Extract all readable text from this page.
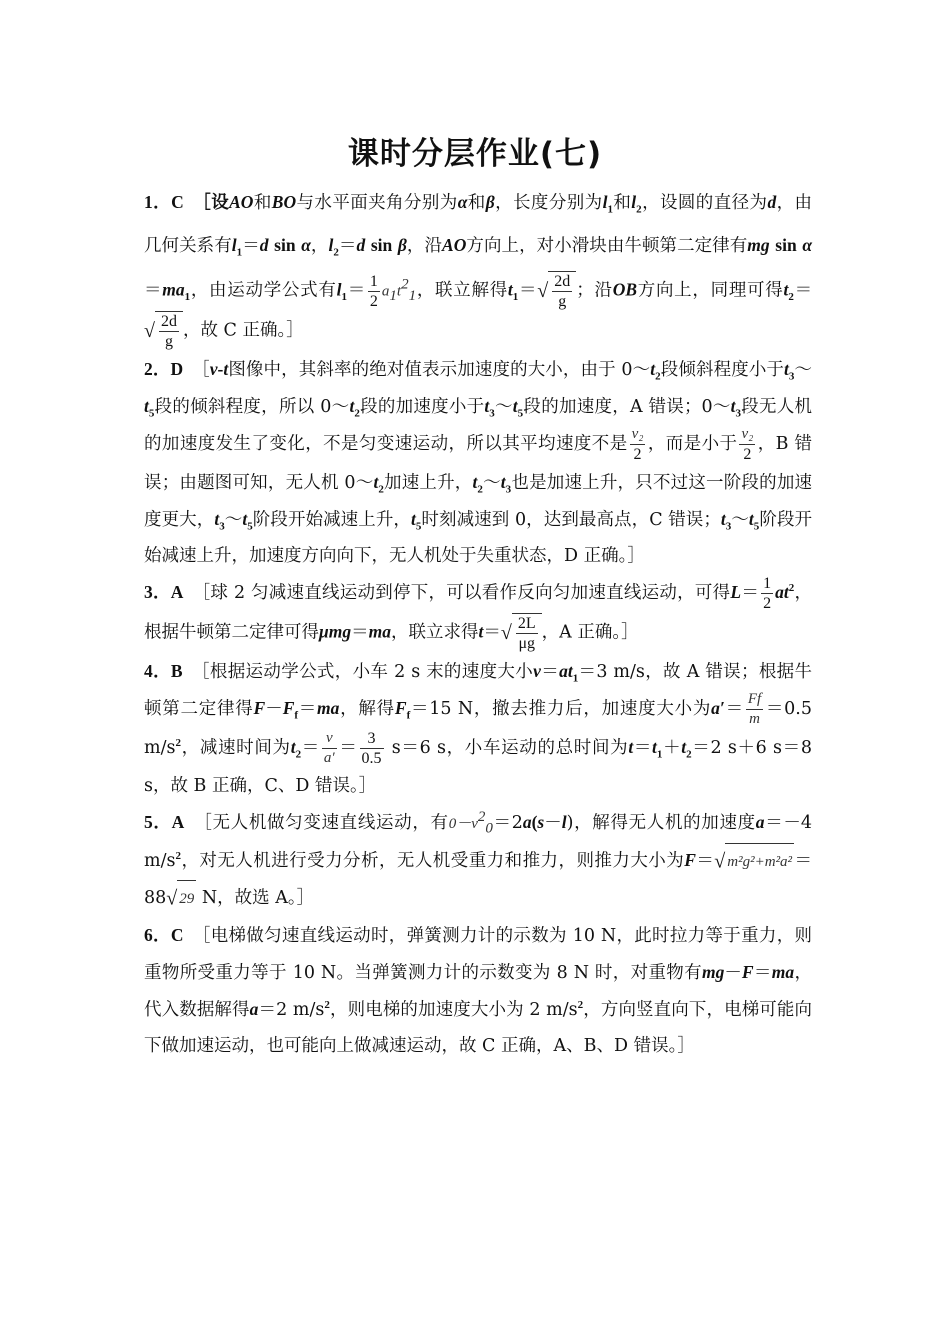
课时分层作业(七)

1．C　 ［设AO和BO与水平面夹角分别为α和β，长度分别为$l_1$和$l_2$，设圆的直径为d，由几何关系有$l_1=d$ sin α，$l_2=d$ sin β，沿AO方向上，对小滑块由牛顿第二定律有mg $\sin \alpha=ma_1$，由运动学公式有$l_1= \frac{1}{2} a_1t^2_1$，联立解得$t_1=√ \frac{2d}{g}$ ；沿OB方向上，同理可得$t_2=√ \frac{2d}{g}$ ，故 C 正确。］

2．D　 ［v-t图像中，其斜率的绝对值表示加速度的大小，由于 $0\sim t_2$段倾斜程度小于$t_3\sim t_5$段的倾斜程度，所以 $0\sim t_2$段的加速度小于$t_3\sim t_5$段的加速度，A 错误；$0\sim t_3$段无人机的加速度发生了变化，不是匀变速运动，所以其平均速度不是 $\frac{\text{v₂}}{2}$ ，而是小于 $\frac{\text{v₂}}{2}$ ，B 错误；由题图可知，无人机 $0\sim t_2$加速上升，$t_2\sim t_3$也是加速上升，只不过这一阶段的加速度更大，$t_3\sim t_5$阶段开始减速上升，$t_5$时刻减速到 0，达到最高点，C 错误；$t_3\sim t_5$阶段开始减速上升，加速度方向向下，无人机处于失重状态，D 正确。］

3．A　 ［球 2 匀减速直线运动到停下，可以看作反向匀加速直线运动，可得$L= \frac{1}{2} at^2$，根据牛顿第二定律可得μmg＝ma，联立求得$t=√ \frac{2L}{\mu g}$ ，A 正确。］

4．B　 ［根据运动学公式，小车 2 s 末的速度大小$v=at_1=3$ m/s，故 A 错误；根据牛顿第二定律得$F-F_f=ma$，解得$F_f=15$ N，撤去推力后，加速度大小为$a'= \frac{Ff}{m} =0.5$ $m/s^2$，减速时间为$t_2= \frac{v}{a'} = \frac{3}{0.5} s=6$ s，小车运动的总时间为$t=t_1+t_2=2$ s＋6 s＝8 s，故 B 正确，C、D 错误。］

5．A　 ［无人机做匀变速直线运动，有$0-v^2_0=2a(s-l)$，解得无人机的加速度a＝－4 $m/s^2$，对无人机进行受力分析，无人机受重力和推力，则推力大小为F＝√ m²g²+m²a² ＝88√ 29 N，故选 A。］

6．C　 ［电梯做匀速直线运动时，弹簧测力计的示数为 10 N，此时拉力等于重力，则重物所受重力等于 10 N。当弹簧测力计的示数变为 8 N 时，对重物有mg－F＝ma，代入数据解得a＝2 $m/s^2$，则电梯的加速度大小为 2 $m/s^2$，方向竖直向下，电梯可能向下做加速运动，也可能向上做减速运动，故 C 正确，A、B、D 错误。］
